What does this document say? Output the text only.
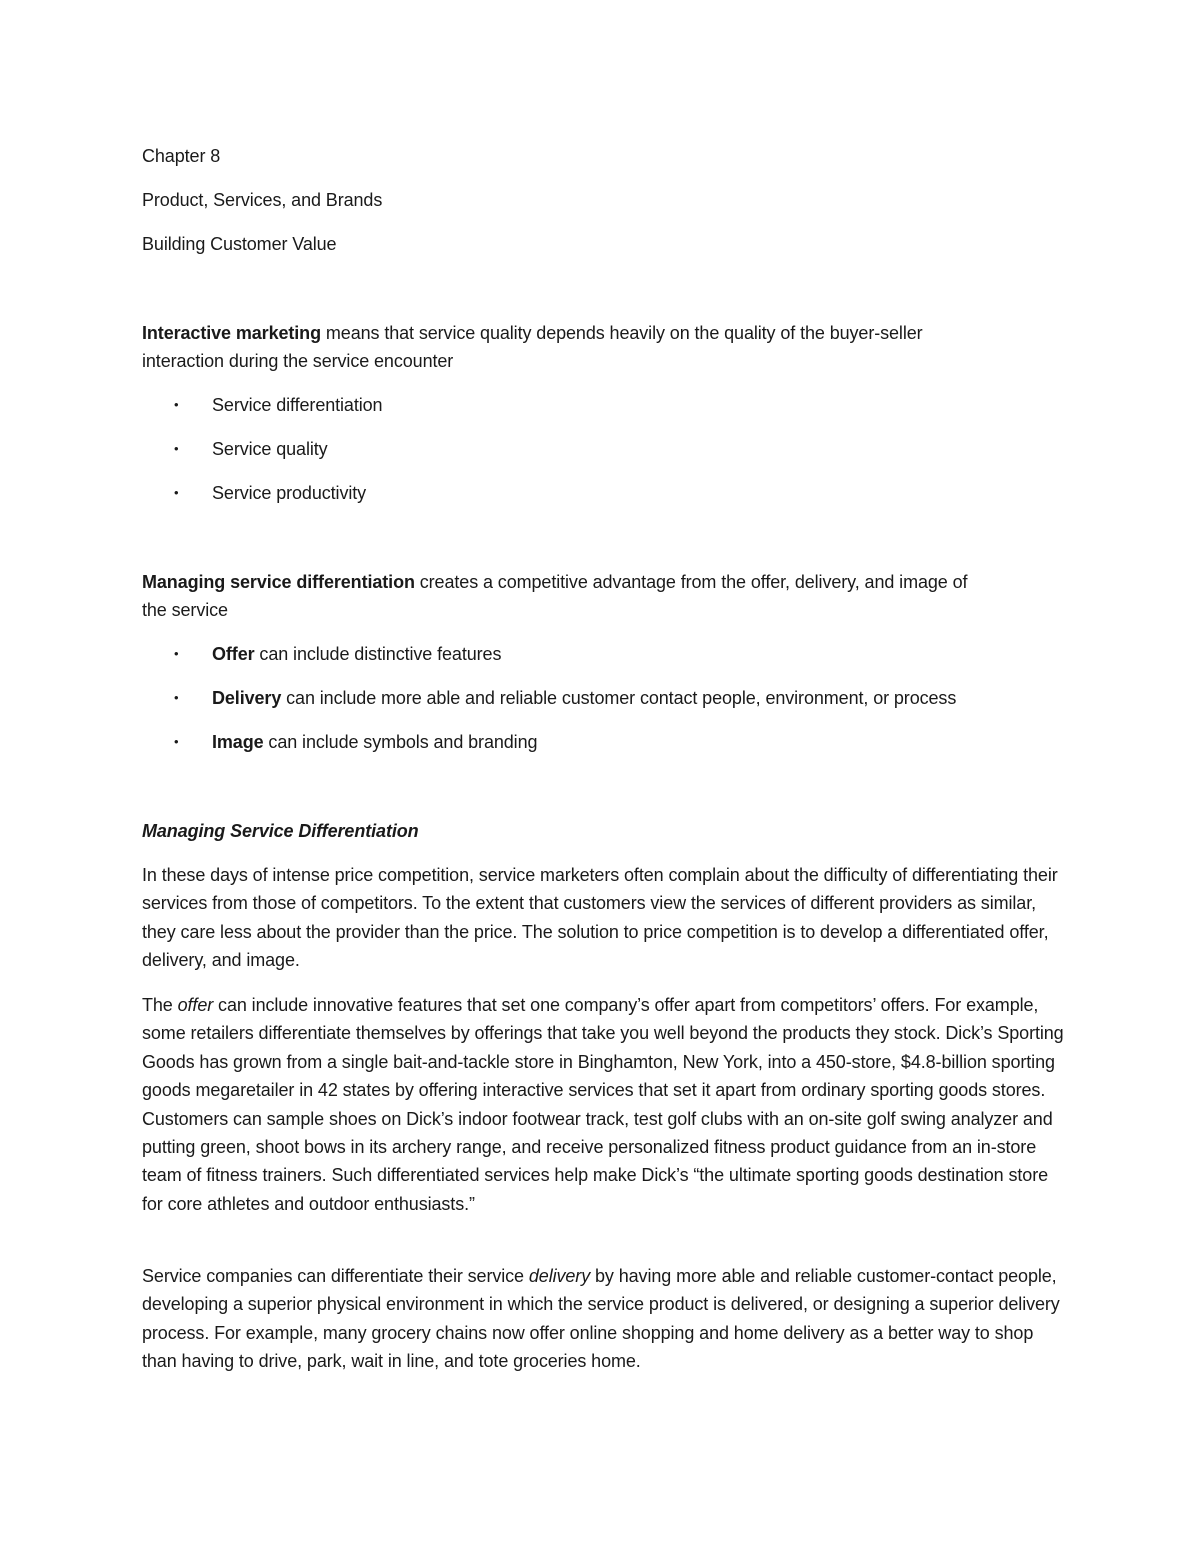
Chapter 8
Product, Services, and Brands
Building Customer Value
Interactive marketing means that service quality depends heavily on the quality of the buyer-seller
interaction during the service encounter
• Service differentiation
• Service quality
• Service productivity
Managing service differentiation creates a competitive advantage from the offer, delivery, and image of
the service
• Offer can include distinctive features
• Delivery can include more able and reliable customer contact people, environment, or process
• Image can include symbols and branding
Managing Service Differentiation
In these days of intense price competition, service marketers often complain about the difficulty of differentiating their services from those of competitors. To the extent that customers view the services of different providers as similar, they care less about the provider than the price. The solution to price competition is to develop a differentiated offer, delivery, and image.
The offer can include innovative features that set one company’s offer apart from competitors’ offers. For example, some retailers differentiate themselves by offerings that take you well beyond the products they stock. Dick’s Sporting Goods has grown from a single bait-and-tackle store in Binghamton, New York, into a 450-store, $4.8-billion sporting goods megaretailer in 42 states by offering interactive services that set it apart from ordinary sporting goods stores. Customers can sample shoes on Dick’s indoor footwear track, test golf clubs with an on-site golf swing analyzer and putting green, shoot bows in its archery range, and receive personalized fitness product guidance from an in-store team of fitness trainers. Such differentiated services help make Dick’s “the ultimate sporting goods destination store for core athletes and outdoor enthusiasts.”
Service companies can differentiate their service delivery by having more able and reliable customer-contact people, developing a superior physical environment in which the service product is delivered, or designing a superior delivery process. For example, many grocery chains now offer online shopping and home delivery as a better way to shop than having to drive, park, wait in line, and tote groceries home.
